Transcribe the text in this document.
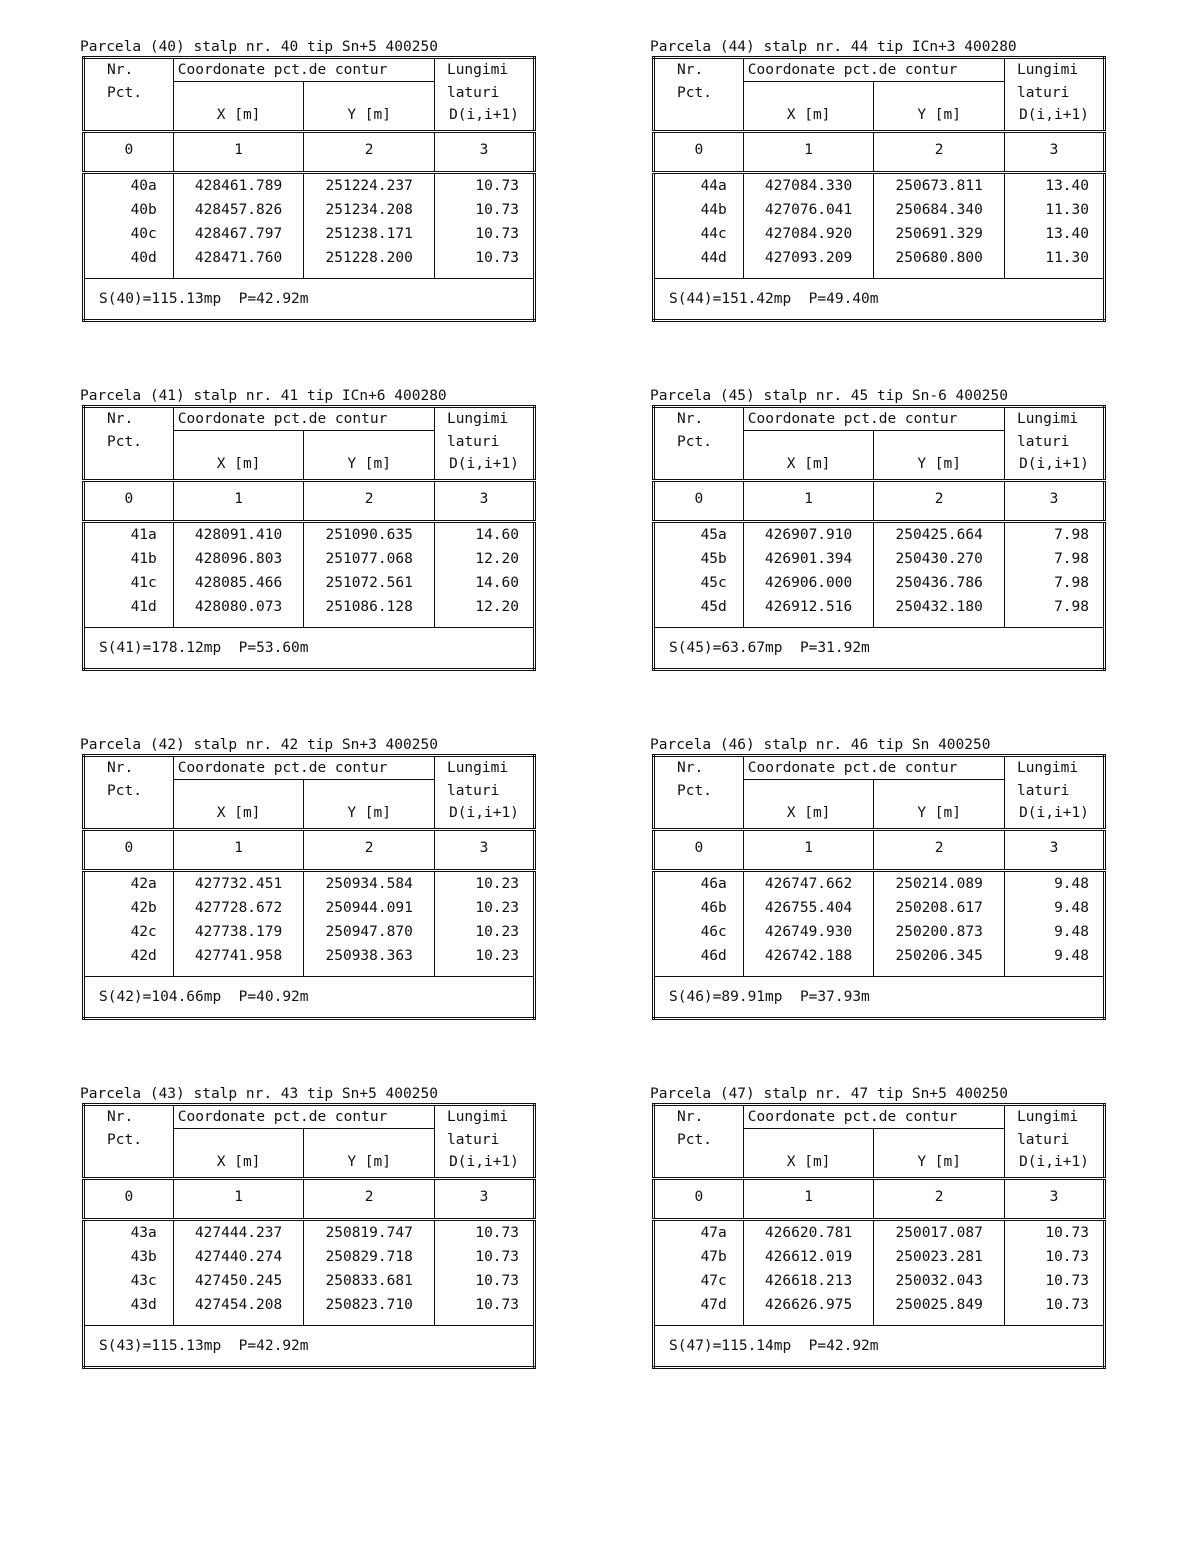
Parcela (40) stalp nr. 40 tip Sn+5 400250
Nr.	Coordonate pct.de contur		Lungimi
Pct.			laturi
	X [m]	Y [m]	D(i,i+1)

0	1	2	3

40a	428461.789	251224.237	10.73
40b	428457.826	251234.208	10.73
40c	428467.797	251238.171	10.73
40d	428471.760	251228.200	10.73

S(40)=115.13mp  P=42.92m			
Parcela (44) stalp nr. 44 tip ICn+3 400280
Nr.	Coordonate pct.de contur		Lungimi
Pct.			laturi
	X [m]	Y [m]	D(i,i+1)

0	1	2	3

44a	427084.330	250673.811	13.40
44b	427076.041	250684.340	11.30
44c	427084.920	250691.329	13.40
44d	427093.209	250680.800	11.30

S(44)=151.42mp  P=49.40m			
Parcela (41) stalp nr. 41 tip ICn+6 400280
Nr.	Coordonate pct.de contur		Lungimi
Pct.			laturi
	X [m]	Y [m]	D(i,i+1)

0	1	2	3

41a	428091.410	251090.635	14.60
41b	428096.803	251077.068	12.20
41c	428085.466	251072.561	14.60
41d	428080.073	251086.128	12.20

S(41)=178.12mp  P=53.60m			
Parcela (45) stalp nr. 45 tip Sn-6 400250
Nr.	Coordonate pct.de contur		Lungimi
Pct.			laturi
	X [m]	Y [m]	D(i,i+1)

0	1	2	3

45a	426907.910	250425.664	7.98
45b	426901.394	250430.270	7.98
45c	426906.000	250436.786	7.98
45d	426912.516	250432.180	7.98

S(45)=63.67mp  P=31.92m			
Parcela (42) stalp nr. 42 tip Sn+3 400250
Nr.	Coordonate pct.de contur		Lungimi
Pct.			laturi
	X [m]	Y [m]	D(i,i+1)

0	1	2	3

42a	427732.451	250934.584	10.23
42b	427728.672	250944.091	10.23
42c	427738.179	250947.870	10.23
42d	427741.958	250938.363	10.23

S(42)=104.66mp  P=40.92m			
Parcela (46) stalp nr. 46 tip Sn 400250
Nr.	Coordonate pct.de contur		Lungimi
Pct.			laturi
	X [m]	Y [m]	D(i,i+1)

0	1	2	3

46a	426747.662	250214.089	9.48
46b	426755.404	250208.617	9.48
46c	426749.930	250200.873	9.48
46d	426742.188	250206.345	9.48

S(46)=89.91mp  P=37.93m			
Parcela (43) stalp nr. 43 tip Sn+5 400250
Nr.	Coordonate pct.de contur		Lungimi
Pct.			laturi
	X [m]	Y [m]	D(i,i+1)

0	1	2	3

43a	427444.237	250819.747	10.73
43b	427440.274	250829.718	10.73
43c	427450.245	250833.681	10.73
43d	427454.208	250823.710	10.73

S(43)=115.13mp  P=42.92m			
Parcela (47) stalp nr. 47 tip Sn+5 400250
Nr.	Coordonate pct.de contur		Lungimi
Pct.			laturi
	X [m]	Y [m]	D(i,i+1)

0	1	2	3

47a	426620.781	250017.087	10.73
47b	426612.019	250023.281	10.73
47c	426618.213	250032.043	10.73
47d	426626.975	250025.849	10.73

S(47)=115.14mp  P=42.92m			
